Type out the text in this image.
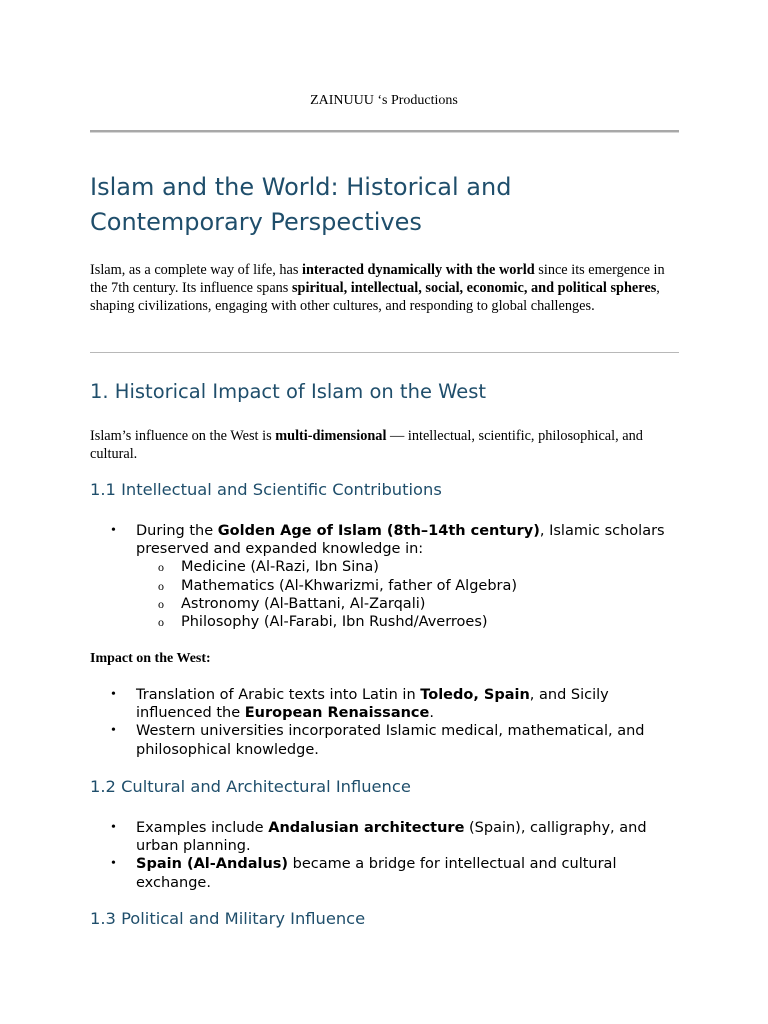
ZAINUUU ‘s Productions
Islam and the World: Historical and Contemporary Perspectives

Islam, as a complete way of life, has interacted dynamically with the world since its emergence in the 7th century. Its influence spans spiritual, intellectual, social, economic, and political spheres, shaping civilizations, engaging with other cultures, and responding to global challenges.

1. Historical Impact of Islam on the West

Islam’s influence on the West is multi-dimensional — intellectual, scientific, philosophical, and cultural.

1.1 Intellectual and Scientific Contributions
• During the Golden Age of Islam (8th–14th century), Islamic scholars preserved and expanded knowledge in:
o Medicine (Al-Razi, Ibn Sina)
o Mathematics (Al-Khwarizmi, father of Algebra)
o Astronomy (Al-Battani, Al-Zarqali)
o Philosophy (Al-Farabi, Ibn Rushd/Averroes)
Impact on the West:
• Translation of Arabic texts into Latin in Toledo, Spain, and Sicily influenced the European Renaissance.
• Western universities incorporated Islamic medical, mathematical, and philosophical knowledge.
1.2 Cultural and Architectural Influence
• Examples include Andalusian architecture (Spain), calligraphy, and urban planning.
• Spain (Al-Andalus) became a bridge for intellectual and cultural exchange.
1.3 Political and Military Influence
